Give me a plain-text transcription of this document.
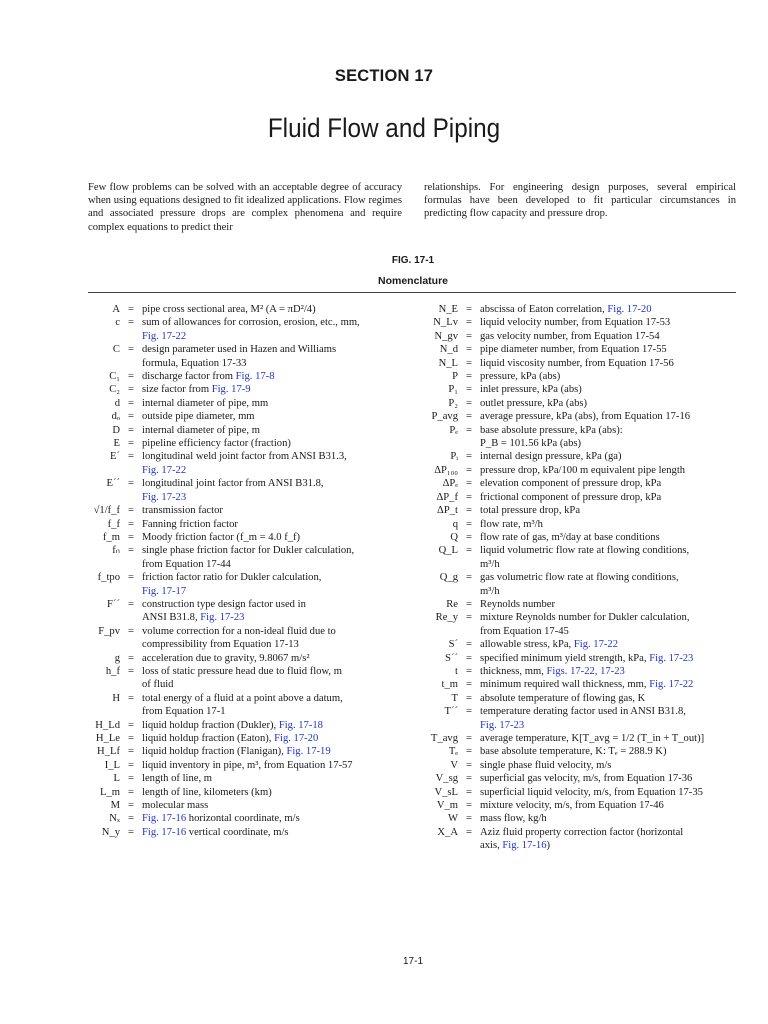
SECTION 17
Fluid Flow and Piping
Few flow problems can be solved with an acceptable degree of accuracy when using equations designed to fit idealized applications. Flow regimes and associated pressure drops are complex phenomena and require complex equations to predict their
relationships. For engineering design purposes, several empirical formulas have been developed to fit particular circumstances in predicting flow capacity and pressure drop.
FIG. 17-1
Nomenclature
A = pipe cross sectional area, M² (A = πD²/4)
c = sum of allowances for corrosion, erosion, etc., mm,
Fig. 17-22
C = design parameter used in Hazen and Williams
formula, Equation 17-33
C₁ = discharge factor from Fig. 17-8
C₂ = size factor from Fig. 17-9
d = internal diameter of pipe, mm
dₒ = outside pipe diameter, mm
D = internal diameter of pipe, m
E = pipeline efficiency factor (fraction)
E´ = longitudinal weld joint factor from ANSI B31.3,
Fig. 17-22
E´´ = longitudinal joint factor from ANSI B31.8,
Fig. 17-23
√1/f_f = transmission factor
f_f = Fanning friction factor
f_m = Moody friction factor (f_m = 4.0 f_f)
fₙ = single phase friction factor for Dukler calculation,
from Equation 17-44
f_tpo = friction factor ratio for Dukler calculation,
Fig. 17-17
F´´ = construction type design factor used in
ANSI B31.8, Fig. 17-23
F_pv = volume correction for a non-ideal fluid due to
compressibility from Equation 17-13
g = acceleration due to gravity, 9.8067 m/s²
h_f = loss of static pressure head due to fluid flow, m
of fluid
H = total energy of a fluid at a point above a datum,
from Equation 17-1
H_Ld = liquid holdup fraction (Dukler), Fig. 17-18
H_Le = liquid holdup fraction (Eaton), Fig. 17-20
H_Lf = liquid holdup fraction (Flanigan), Fig. 17-19
I_L = liquid inventory in pipe, m³, from Equation 17-57
L = length of line, m
L_m = length of line, kilometers (km)
M = molecular mass
Nₓ = Fig. 17-16 horizontal coordinate, m/s
N_y = Fig. 17-16 vertical coordinate, m/s
N_E = abscissa of Eaton correlation, Fig. 17-20
N_Lv = liquid velocity number, from Equation 17-53
N_gv = gas velocity number, from Equation 17-54
N_d = pipe diameter number, from Equation 17-55
N_L = liquid viscosity number, from Equation 17-56
P = pressure, kPa (abs)
P₁ = inlet pressure, kPa (abs)
P₂ = outlet pressure, kPa (abs)
P_avg = average pressure, kPa (abs), from Equation 17-16
Pₑ = base absolute pressure, kPa (abs):
P_B = 101.56 kPa (abs)
Pᵢ = internal design pressure, kPa (ga)
ΔP₁₀₀ = pressure drop, kPa/100 m equivalent pipe length
ΔPₑ = elevation component of pressure drop, kPa
ΔP_f = frictional component of pressure drop, kPa
ΔP_t = total pressure drop, kPa
q = flow rate, m³/h
Q = flow rate of gas, m³/day at base conditions
Q_L = liquid volumetric flow rate at flowing conditions,
m³/h
Q_g = gas volumetric flow rate at flowing conditions,
m³/h
Re = Reynolds number
Re_y = mixture Reynolds number for Dukler calculation,
from Equation 17-45
S´ = allowable stress, kPa, Fig. 17-22
S´´ = specified minimum yield strength, kPa, Fig. 17-23
t = thickness, mm, Figs. 17-22, 17-23
t_m = minimum required wall thickness, mm, Fig. 17-22
T = absolute temperature of flowing gas, K
T´´ = temperature derating factor used in ANSI B31.8,
Fig. 17-23
T_avg = average temperature, K[T_avg = 1/2 (T_in + T_out)]
Tₑ = base absolute temperature, K: Tₑ = 288.9 K)
V = single phase fluid velocity, m/s
V_sg = superficial gas velocity, m/s, from Equation 17-36
V_sL = superficial liquid velocity, m/s, from Equation 17-35
V_m = mixture velocity, m/s, from Equation 17-46
W = mass flow, kg/h
X_A = Aziz fluid property correction factor (horizontal
axis, Fig. 17-16)
17-1
